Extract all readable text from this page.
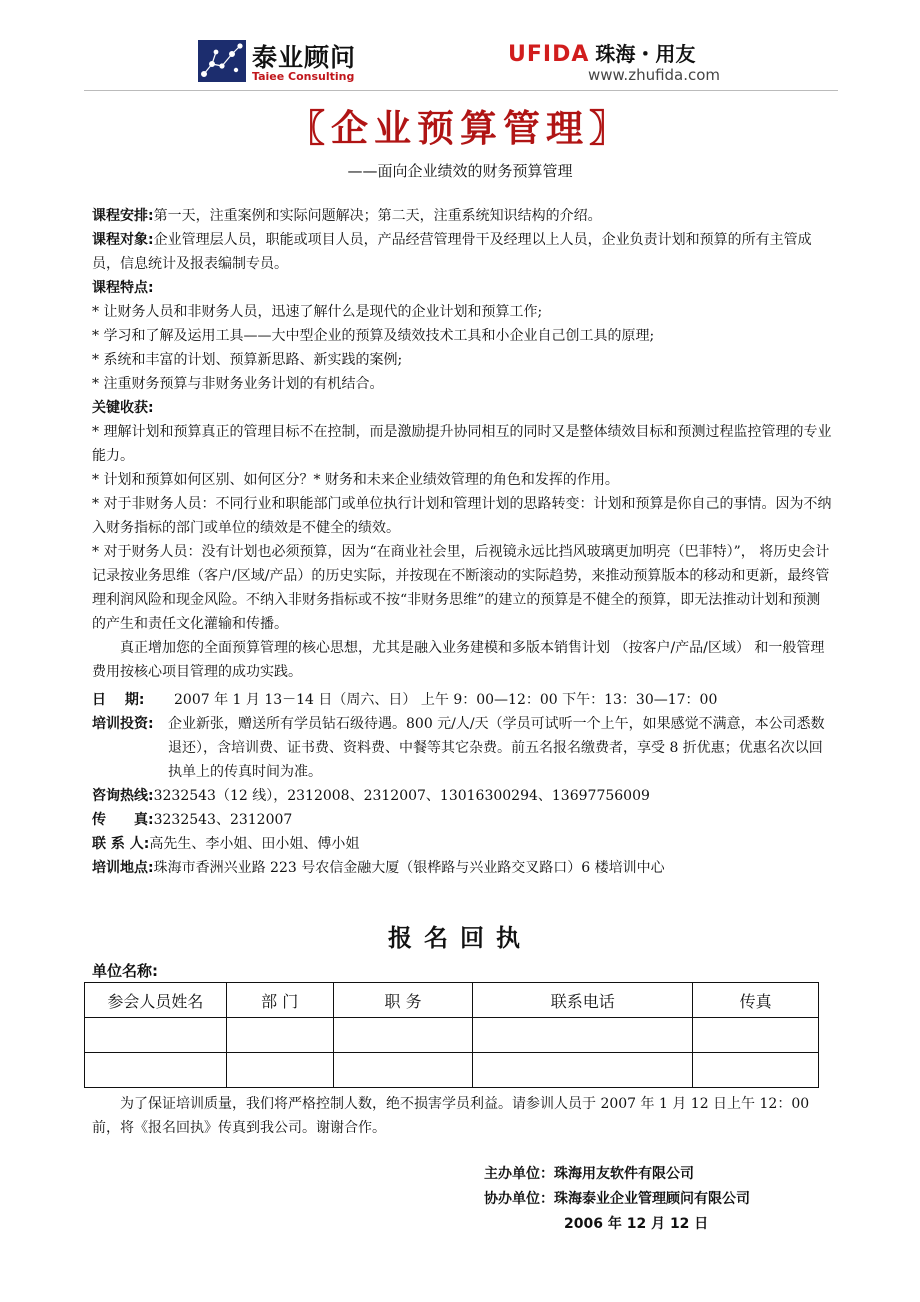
泰业顾问
Taiee Consulting
UFIDA 珠海・用友
www.zhufida.com
〖企业预算管理〗
——面向企业绩效的财务预算管理

课程安排:第一天，注重案例和实际问题解决；第二天，注重系统知识结构的介绍。

课程对象:企业管理层人员，职能或项目人员，产品经营管理骨干及经理以上人员，企业负责计划和预算的所有主管成员，信息统计及报表编制专员。

课程特点:

* 让财务人员和非财务人员，迅速了解什么是现代的企业计划和预算工作;

* 学习和了解及运用工具——大中型企业的预算及绩效技术工具和小企业自己创工具的原理;

* 系统和丰富的计划、预算新思路、新实践的案例;

* 注重财务预算与非财务业务计划的有机结合。

关键收获:

* 理解计划和预算真正的管理目标不在控制，而是激励提升协同相互的同时又是整体绩效目标和预测过程监控管理的专业能力。

* 计划和预算如何区别、如何区分？* 财务和未来企业绩效管理的角色和发挥的作用。

* 对于非财务人员：不同行业和职能部门或单位执行计划和管理计划的思路转变：计划和预算是你自己的事情。因为不纳入财务指标的部门或单位的绩效是不健全的绩效。

* 对于财务人员：没有计划也必须预算，因为“在商业社会里，后视镜永远比挡风玻璃更加明亮（巴菲特）”， 将历史会计记录按业务思维（客户/区域/产品）的历史实际，并按现在不断滚动的实际趋势，来推动预算版本的移动和更新，最终管理利润风险和现金风险。不纳入非财务指标或不按“非财务思维”的建立的预算是不健全的预算，即无法推动计划和预测的产生和责任文化灌输和传播。

真正增加您的全面预算管理的核心思想，尤其是融入业务建模和多版本销售计划 （按客户/产品/区域） 和一般管理费用按核心项目管理的成功实践。

日　 期:	2007 年 1 月 13－14 日（周六、日） 上午 9：00—12：00 下午：13：30—17：00
培训投资:	企业新张，赠送所有学员钻石级待遇。800 元/人/天（学员可试听一个上午，如果感觉不满意，本公司悉数退还），含培训费、证书费、资料费、中餐等其它杂费。前五名报名缴费者，享受 8 折优惠；优惠名次以回执单上的传真时间为准。
咨询热线: 3232543（12 线），2312008、2312007、13016300294、13697756009
传　　真: 3232543、2312007
联 系 人: 高先生、李小姐、田小姐、傅小姐
培训地点: 珠海市香洲兴业路 223 号农信金融大厦（银桦路与兴业路交叉路口）6 楼培训中心
报名回执
单位名称:
参会人员姓名	部 门	职 务	联系电话	传真

为了保证培训质量，我们将严格控制人数，绝不损害学员利益。请参训人员于 2007 年 1 月 12 日上午 12：00 前，将《报名回执》传真到我公司。谢谢合作。
主办单位：珠海用友软件有限公司
协办单位：珠海泰业企业管理顾问有限公司
2006 年 12 月 12 日
